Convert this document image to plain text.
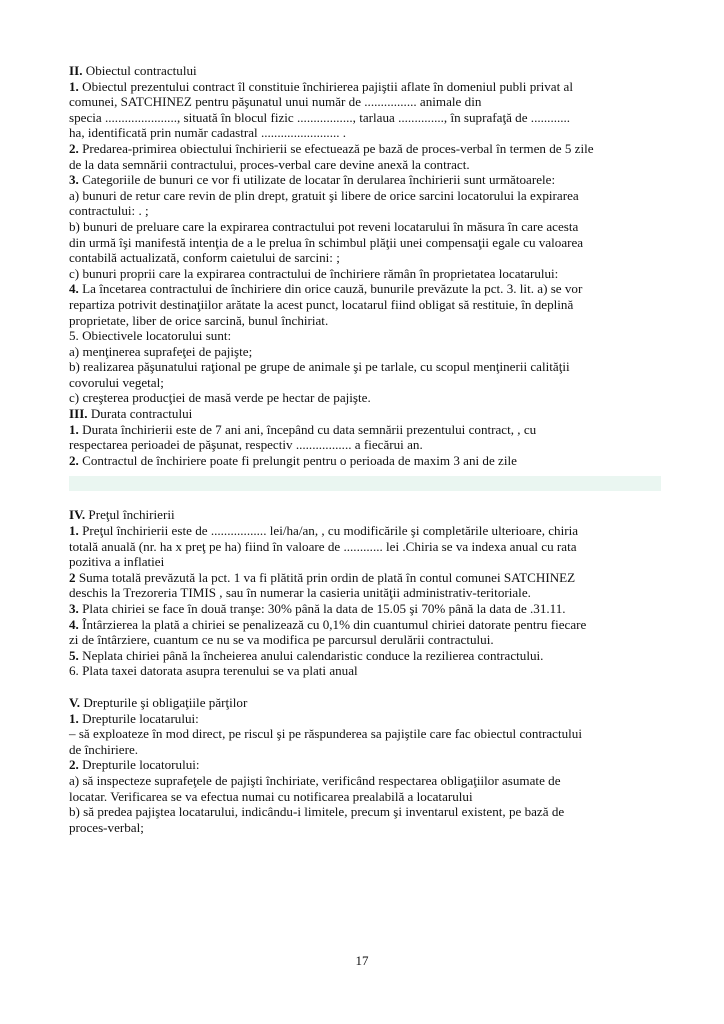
II. Obiectul contractului

1. Obiectul prezentului contract îl constituie închirierea pajiştii aflate în domeniul publi privat al

comunei, SATCHINEZ pentru păşunatul unui număr de ................ animale din

specia ......................, situată în blocul fizic ................., tarlaua .............., în suprafaţă de ............

ha, identificată prin număr cadastral ........................ .

2. Predarea-primirea obiectului închirierii se efectuează pe bază de proces-verbal în termen de 5 zile

de la data semnării contractului, proces-verbal care devine anexă la contract.

3. Categoriile de bunuri ce vor fi utilizate de locatar în derularea închirierii sunt următoarele:

a) bunuri de retur care revin de plin drept, gratuit şi libere de orice sarcini locatorului la expirarea

contractului: . ;

b) bunuri de preluare care la expirarea contractului pot reveni locatarului în măsura în care acesta

din urmă îşi manifestă intenţia de a le prelua în schimbul plăţii unei compensaţii egale cu valoarea

contabilă actualizată, conform caietului de sarcini: ;

c) bunuri proprii care la expirarea contractului de închiriere rămân în proprietatea locatarului:

4. La încetarea contractului de închiriere din orice cauză, bunurile prevăzute la pct. 3. lit. a) se vor

repartiza potrivit destinaţiilor arătate la acest punct, locatarul fiind obligat să restituie, în deplină

proprietate, liber de orice sarcină, bunul închiriat.

5. Obiectivele locatorului sunt:

a) menţinerea suprafeţei de pajişte;

b) realizarea păşunatului raţional pe grupe de animale şi pe tarlale, cu scopul menţinerii calităţii

covorului vegetal;

c) creşterea producţiei de masă verde pe hectar de pajişte.

III. Durata contractului

1. Durata închirierii este de 7 ani ani, începând cu data semnării prezentului contract, , cu

respectarea perioadei de păşunat, respectiv ................. a fiecărui an.

2. Contractul de închiriere poate fi prelungit pentru o perioada de maxim 3 ani de zile

IV. Preţul închirierii

1. Preţul închirierii este de ................. lei/ha/an, , cu modificările şi completările ulterioare, chiria

totală anuală (nr. ha x preţ pe ha) fiind în valoare de ............ lei .Chiria se va indexa anual cu rata

pozitiva a inflatiei

2 Suma totală prevăzută la pct. 1 va fi plătită prin ordin de plată în contul comunei SATCHINEZ

deschis la Trezoreria TIMIS , sau în numerar la casieria unităţii administrativ-teritoriale.

3. Plata chiriei se face în două tranşe: 30% până la data de 15.05 şi 70% până la data de .31.11.

4. Întârzierea la plată a chiriei se penalizează cu 0,1% din cuantumul chiriei datorate pentru fiecare

zi de întârziere, cuantum ce nu se va modifica pe parcursul derulării contractului.

5. Neplata chiriei până la încheierea anului calendaristic conduce la rezilierea contractului.

6. Plata taxei datorata asupra terenului se va plati anual

V. Drepturile şi obligaţiile părţilor

1. Drepturile locatarului:

– să exploateze în mod direct, pe riscul şi pe răspunderea sa pajiştile care fac obiectul contractului

de închiriere.

2. Drepturile locatorului:

a) să inspecteze suprafeţele de pajişti închiriate, verificând respectarea obligaţiilor asumate de

locatar. Verificarea se va efectua numai cu notificarea prealabilă a locatarului

b) să predea pajiştea locatarului, indicându-i limitele, precum şi inventarul existent, pe bază de

proces-verbal;

17
